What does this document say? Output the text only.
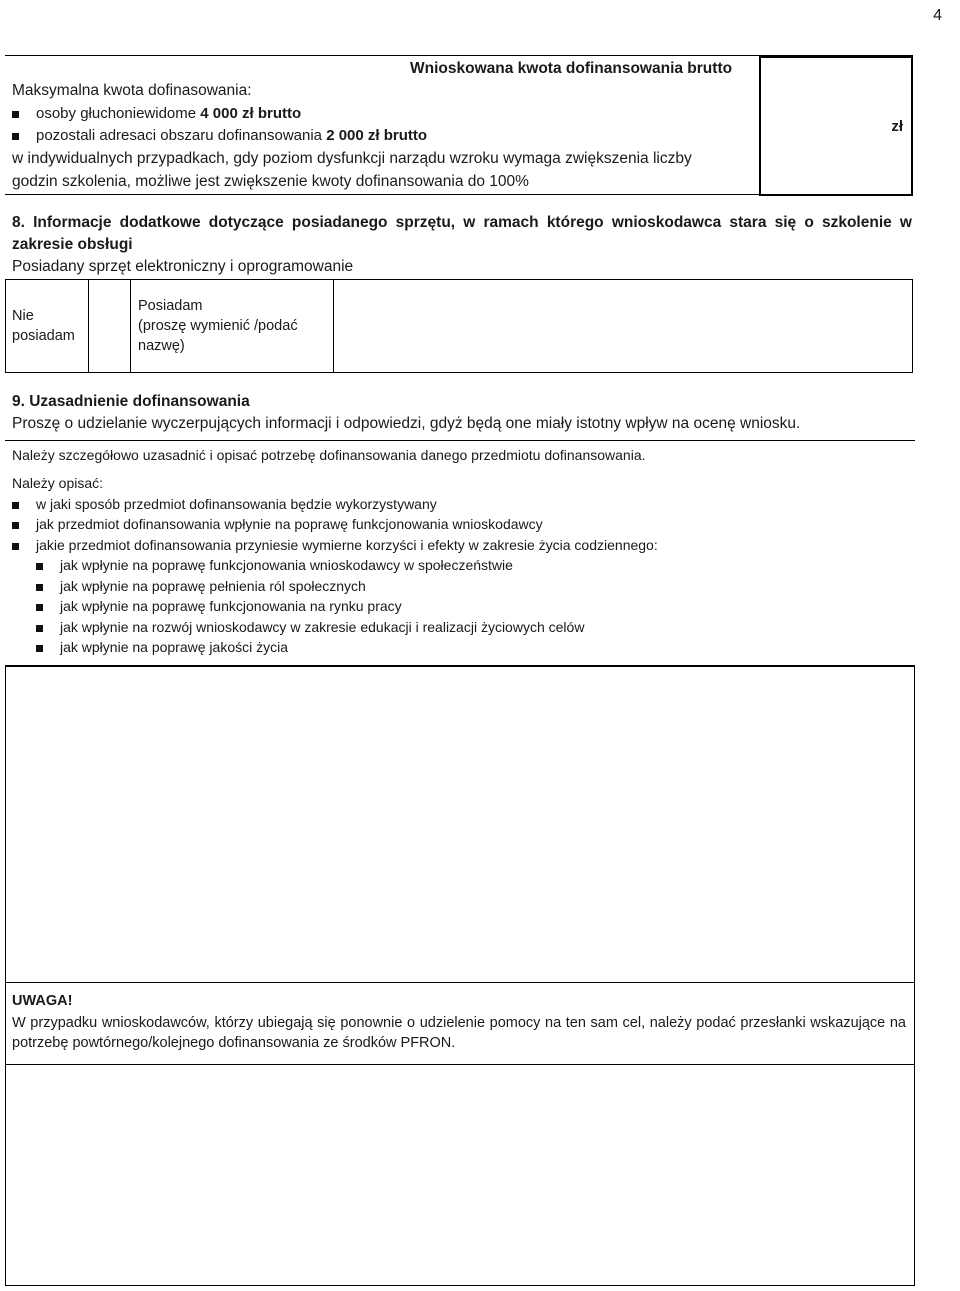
4
zł
Wnioskowana kwota dofinansowania brutto
Maksymalna kwota dofinasowania:
osoby głuchoniewidome 4 000 zł brutto
pozostali adresaci obszaru dofinansowania 2 000 zł brutto
w indywidualnych przypadkach, gdy poziom dysfunkcji narządu wzroku wymaga zwiększenia liczby
godzin szkolenia, możliwe jest zwiększenie kwoty dofinansowania do 100%
8. Informacje dodatkowe dotyczące posiadanego sprzętu, w ramach którego wnioskodawca stara się o szkolenie w zakresie obsługi
Posiadany sprzęt elektroniczny i oprogramowanie
Nie
posiadam
Posiadam
(proszę wymienić /podać
nazwę)
9. Uzasadnienie dofinansowania
Proszę o udzielanie wyczerpujących informacji i odpowiedzi, gdyż będą one miały istotny wpływ na ocenę wniosku.
Należy szczegółowo uzasadnić i opisać potrzebę dofinansowania danego przedmiotu dofinansowania.
Należy opisać:
w jaki sposób przedmiot dofinansowania będzie wykorzystywany
jak przedmiot dofinansowania wpłynie na poprawę funkcjonowania wnioskodawcy
jakie przedmiot dofinansowania przyniesie wymierne korzyści i efekty w zakresie życia codziennego:
jak wpłynie na poprawę funkcjonowania wnioskodawcy w społeczeństwie
jak wpłynie na poprawę pełnienia ról społecznych
jak wpłynie na poprawę funkcjonowania na rynku pracy
jak wpłynie na rozwój wnioskodawcy w zakresie edukacji i realizacji życiowych celów
jak wpłynie na poprawę jakości życia
UWAGA!
W przypadku wnioskodawców, którzy ubiegają się ponownie o udzielenie pomocy na ten sam cel, należy podać przesłanki wskazujące na potrzebę powtórnego/kolejnego dofinansowania ze środków PFRON.
